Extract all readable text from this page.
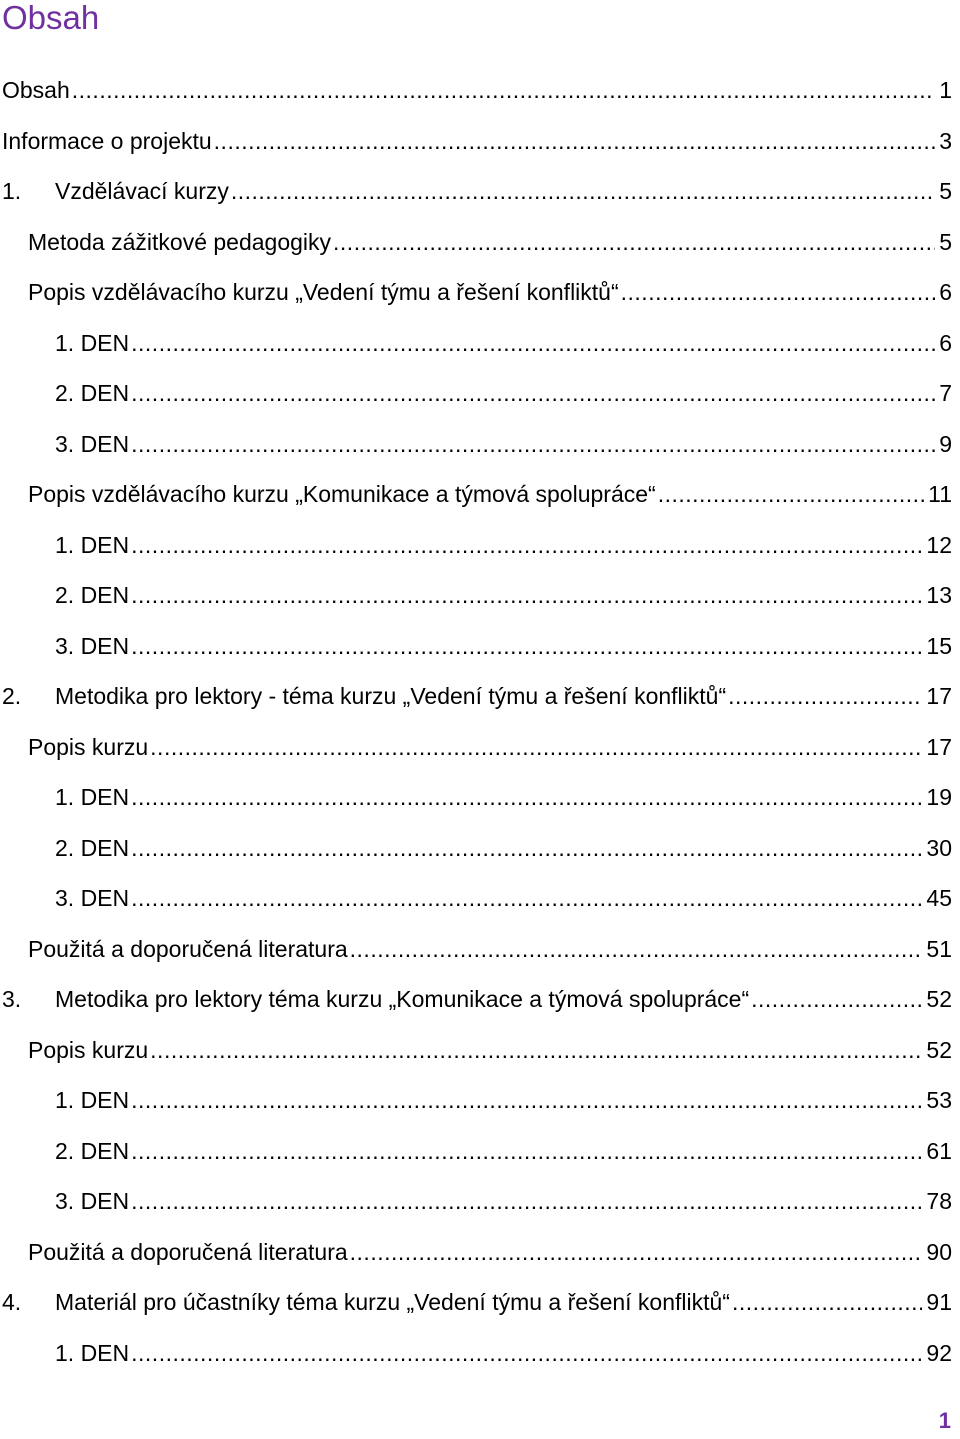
Obsah
Obsah .....	1
Informace o projektu .....	3
1.	Vzdělávací kurzy .....	5
Metoda zážitkové pedagogiky .....	5
Popis vzdělávacího kurzu „Vedení týmu a řešení konfliktů“ .....	6
1. DEN .....	6
2. DEN .....	7
3. DEN .....	9
Popis vzdělávacího kurzu „Komunikace a týmová spolupráce“ .....	11
1. DEN .....	12
2. DEN .....	13
3. DEN .....	15
2.	Metodika pro lektory - téma kurzu „Vedení týmu a řešení konfliktů“ .....	17
Popis kurzu .....	17
1. DEN .....	19
2. DEN .....	30
3. DEN .....	45
Použitá a doporučená literatura .....	51
3.	Metodika pro lektory téma kurzu „Komunikace a týmová spolupráce“ .....	52
Popis kurzu .....	52
1. DEN .....	53
2. DEN .....	61
3. DEN .....	78
Použitá a doporučená literatura .....	90
4.	Materiál pro účastníky téma kurzu „Vedení týmu a řešení konfliktů“ .....	91
1. DEN .....	92
1
